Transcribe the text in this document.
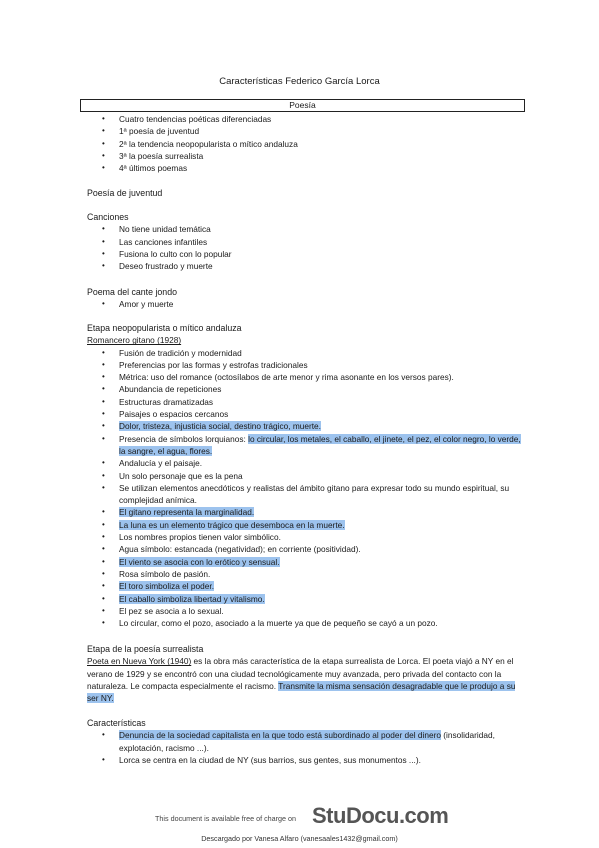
Características Federico García Lorca
Poesía
• Cuatro tendencias poéticas diferenciadas
• 1ª poesía de juventud
• 2ª la tendencia neopopularista o mítico andaluza
• 3ª la poesía surrealista
• 4ª últimos poemas
Poesía de juventud
Canciones
• No tiene unidad temática
• Las canciones infantiles
• Fusiona lo culto con lo popular
• Deseo frustrado y muerte
Poema del cante jondo
• Amor y muerte
Etapa neopopularista o mítico andaluza
Romancero gitano (1928)
• Fusión de tradición y modernidad
• Preferencias por las formas y estrofas tradicionales
• Métrica: uso del romance (octosílabos de arte menor y rima asonante en los versos pares).
• Abundancia de repeticiones
• Estructuras dramatizadas
• Paisajes o espacios cercanos
• Dolor, tristeza, injusticia social, destino trágico, muerte.
• Presencia de símbolos lorquianos: lo circular, los metales, el caballo, el jinete, el pez, el color negro, lo verde, la sangre, el agua, flores.
• Andalucía y el paisaje.
• Un solo personaje que es la pena
• Se utilizan elementos anecdóticos y realistas del ámbito gitano para expresar todo su mundo espiritual, su complejidad anímica.
• El gitano representa la marginalidad.
• La luna es un elemento trágico que desemboca en la muerte.
• Los nombres propios tienen valor simbólico.
• Agua símbolo: estancada (negatividad); en corriente (positividad).
• El viento se asocia con lo erótico y sensual.
• Rosa símbolo de pasión.
• El toro simboliza el poder.
• El caballo simboliza libertad y vitalismo.
• El pez se asocia a lo sexual.
• Lo circular, como el pozo, asociado a la muerte ya que de pequeño se cayó a un pozo.
Etapa de la poesía surrealista

Poeta en Nueva York (1940) es la obra más característica de la etapa surrealista de Lorca. El poeta viajó a NY en el verano de 1929 y se encontró con una ciudad tecnológicamente muy avanzada, pero privada del contacto con la naturaleza. Le compacta especialmente el racismo. Transmite la misma sensación desagradable que le produjo a su ser NY.

Características
• Denuncia de la sociedad capitalista en la que todo está subordinado al poder del dinero (insolidaridad, explotación, racismo ...).
• Lorca se centra en la ciudad de NY (sus barrios, sus gentes, sus monumentos ...).
This document is available free of charge on StuDocu.com
Descargado por Vanesa Alfaro (vanesaales1432@gmail.com)
